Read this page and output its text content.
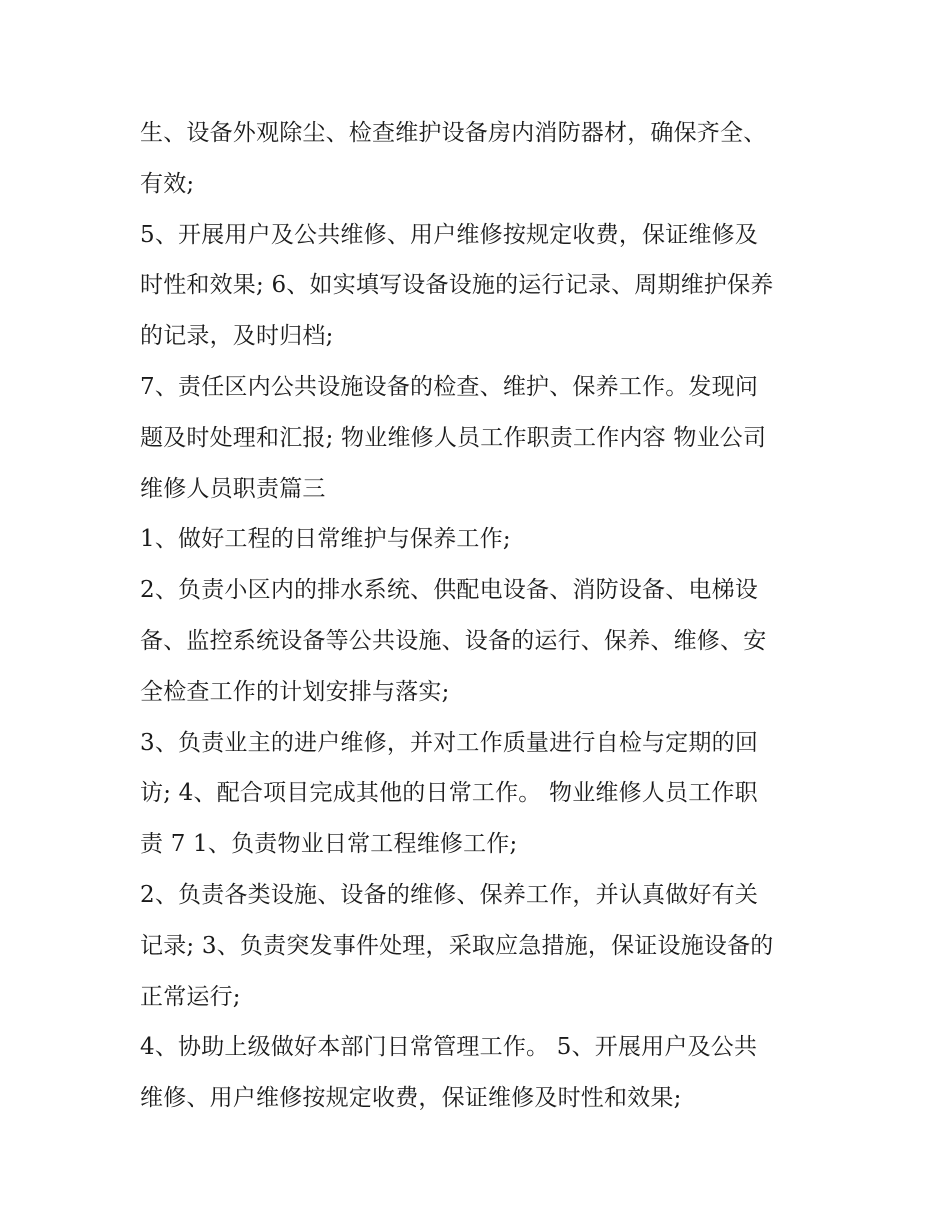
生、设备外观除尘、检查维护设备房内消防器材，确保齐全、
有效;
5、开展用户及公共维修、用户维修按规定收费，保证维修及
时性和效果; 6、如实填写设备设施的运行记录、周期维护保养
的记录，及时归档;
7、责任区内公共设施设备的检查、维护、保养工作。发现问
题及时处理和汇报; 物业维修人员工作职责工作内容 物业公司
维修人员职责篇三
1、做好工程的日常维护与保养工作;
2、负责小区内的排水系统、供配电设备、消防设备、电梯设
备、监控系统设备等公共设施、设备的运行、保养、维修、安
全检查工作的计划安排与落实;
3、负责业主的进户维修，并对工作质量进行自检与定期的回
访; 4、配合项目完成其他的日常工作。 物业维修人员工作职
责 7 1、负责物业日常工程维修工作;
2、负责各类设施、设备的维修、保养工作，并认真做好有关
记录; 3、负责突发事件处理，采取应急措施，保证设施设备的
正常运行;
4、协助上级做好本部门日常管理工作。 5、开展用户及公共
维修、用户维修按规定收费，保证维修及时性和效果;
